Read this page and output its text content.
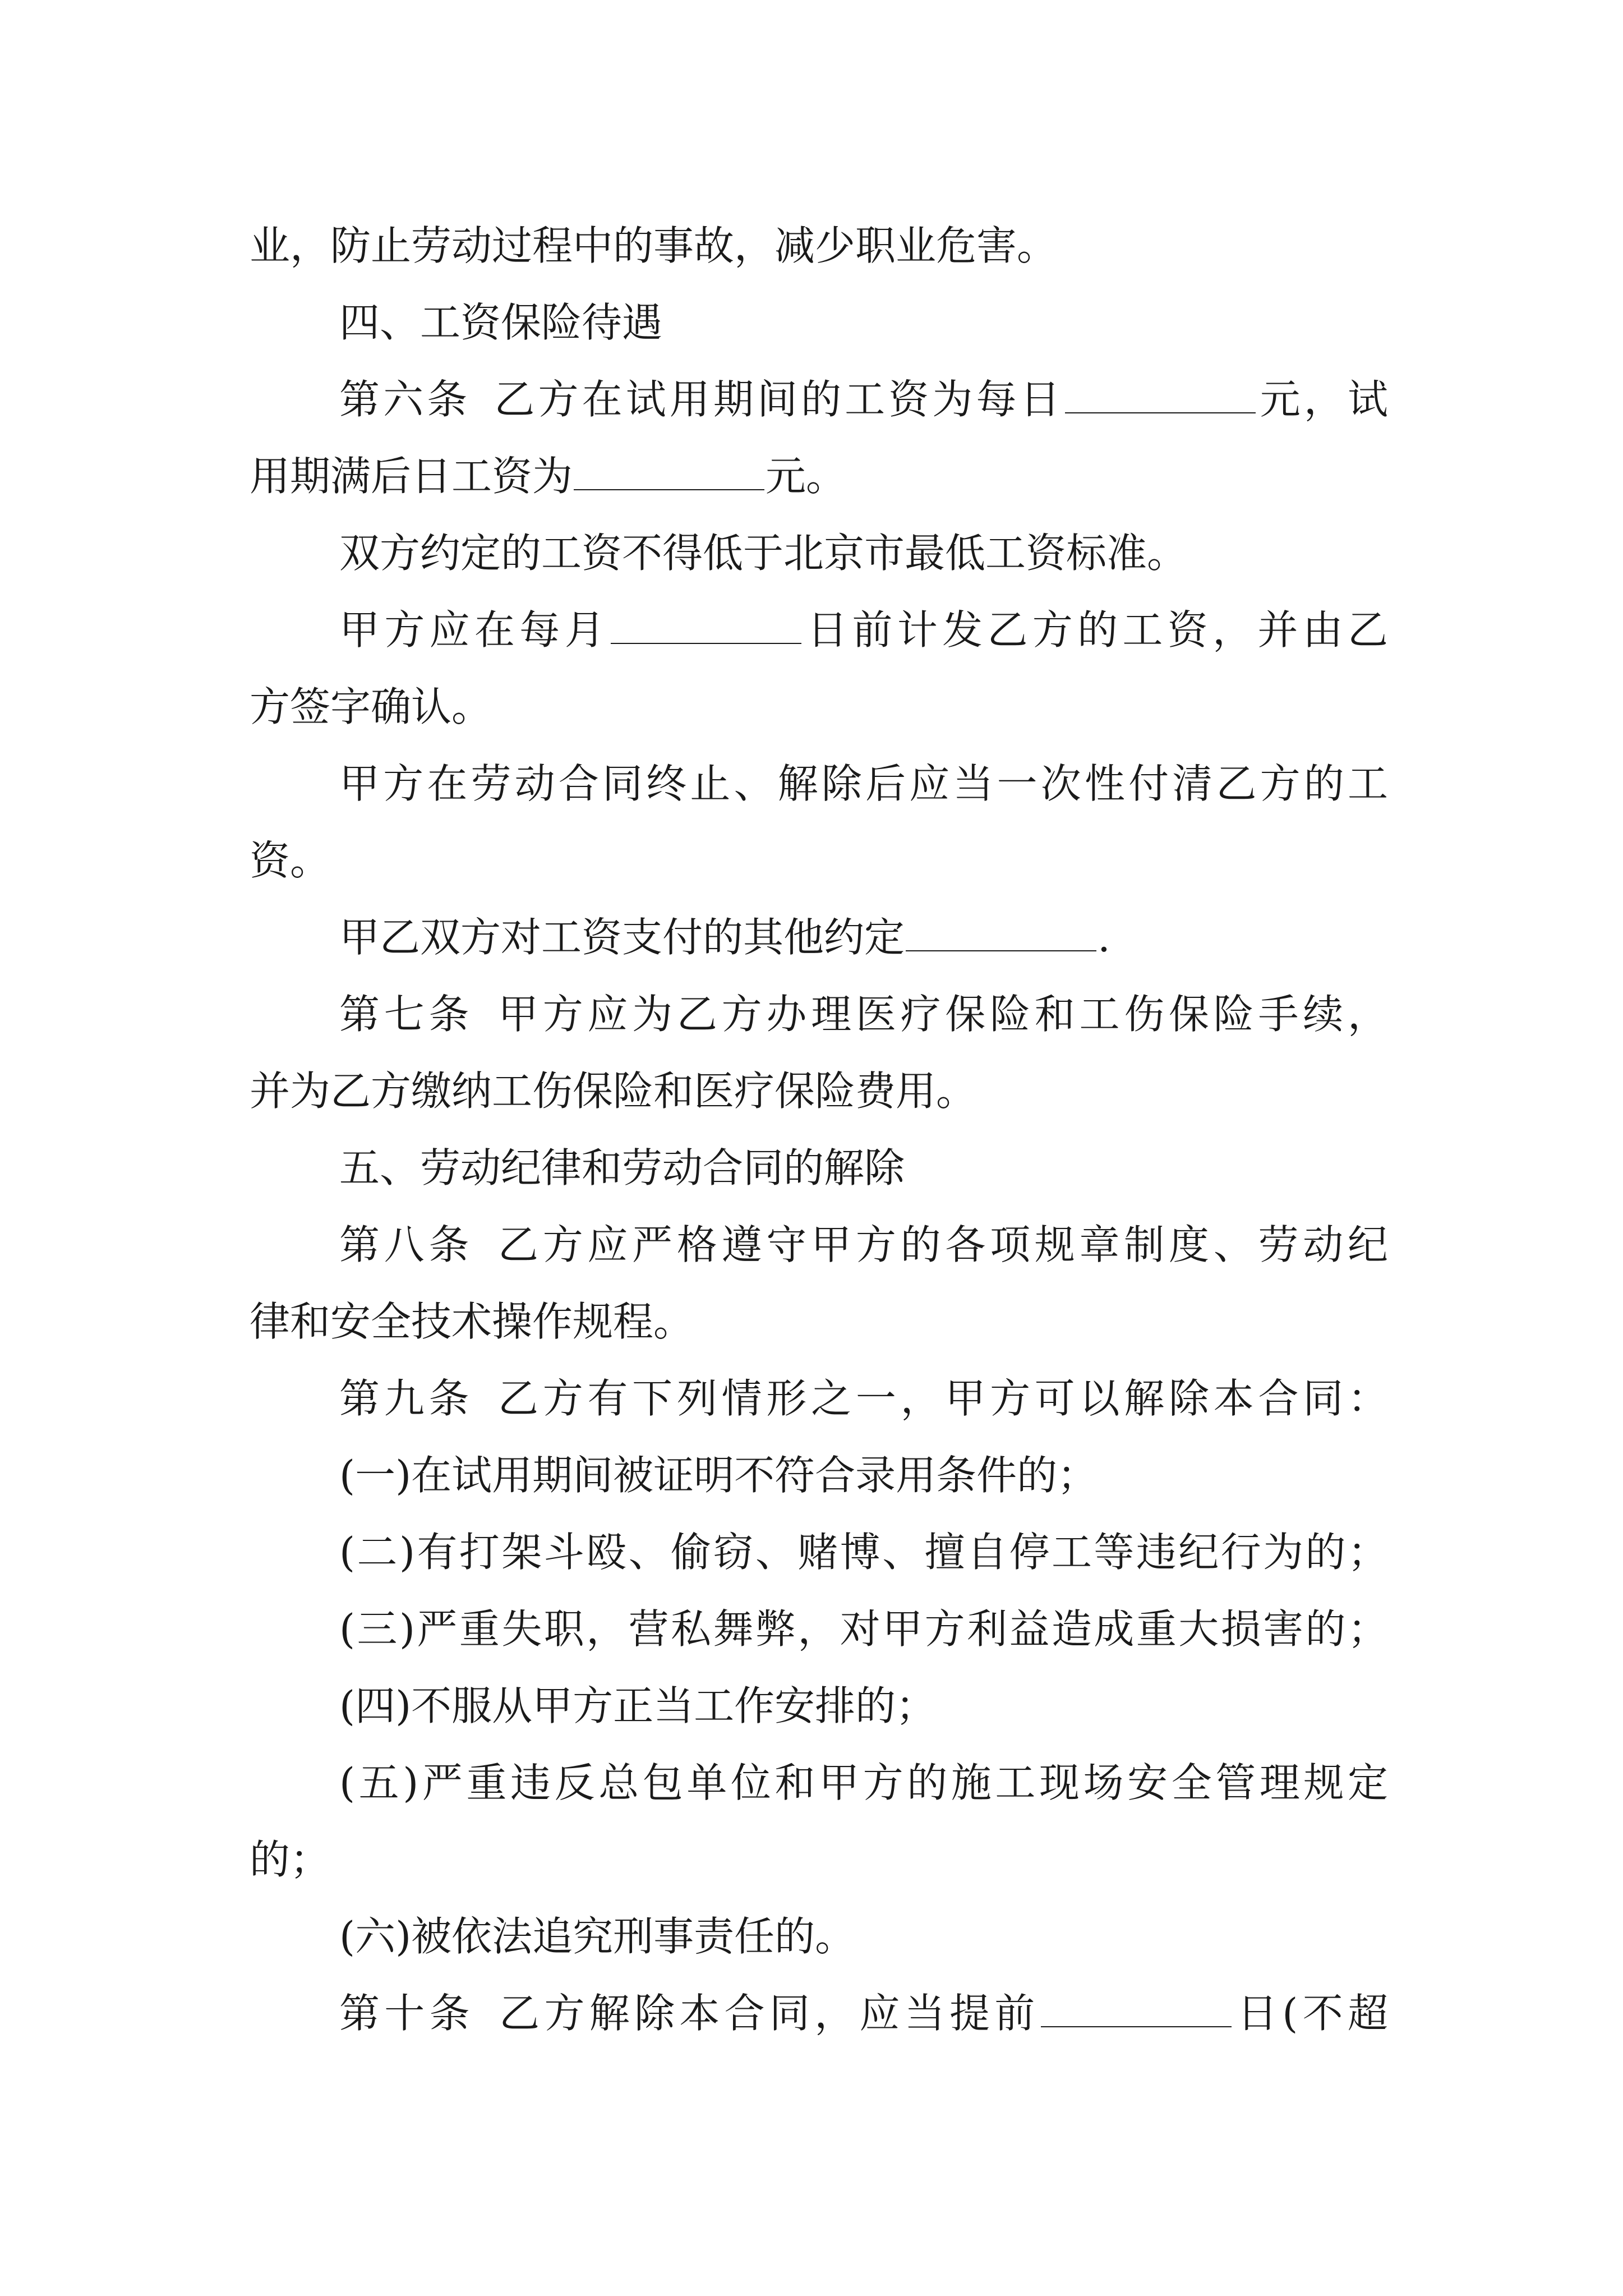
业，防止劳动过程中的事故，减少职业危害。
四、工资保险待遇
第六条 乙方在试用期间的工资为每日	元，试
用期满后日工资为	元。
双方约定的工资不得低于北京市最低工资标准。
甲方应在每月	日前计发乙方的工资，并由乙
方签字确认。
甲方在劳动合同终止、解除后应当一次性付清乙方的工
资。
甲乙双方对工资支付的其他约定	.
第七条 甲方应为乙方办理医疗保险和工伤保险手续，
并为乙方缴纳工伤保险和医疗保险费用。
五、劳动纪律和劳动合同的解除
第八条 乙方应严格遵守甲方的各项规章制度、劳动纪
律和安全技术操作规程。
第九条 乙方有下列情形之一，甲方可以解除本合同：
(一)在试用期间被证明不符合录用条件的；
(二)有打架斗殴、偷窃、赌博、擅自停工等违纪行为的；
(三)严重失职，营私舞弊，对甲方利益造成重大损害的；
(四)不服从甲方正当工作安排的；
(五)严重违反总包单位和甲方的施工现场安全管理规定
的；
(六)被依法追究刑事责任的。
第十条 乙方解除本合同，应当提前	日(不超
